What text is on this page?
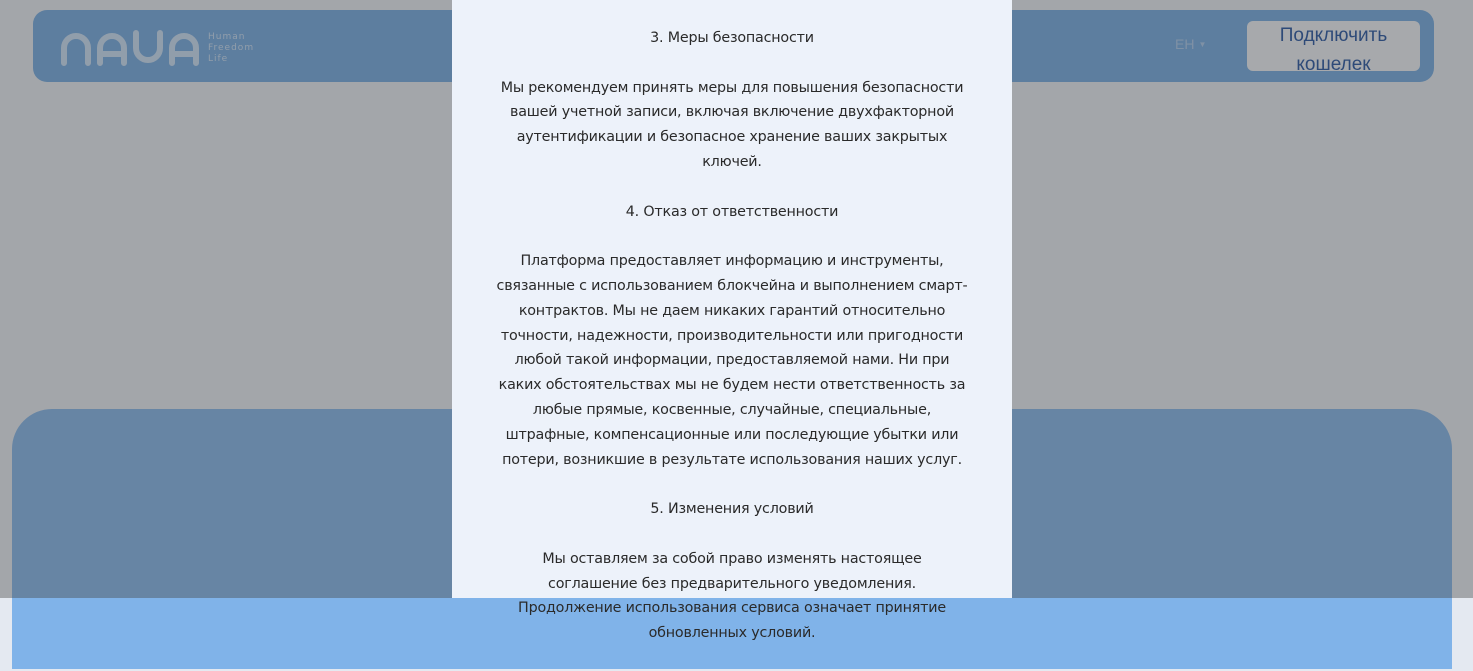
Human
Freedom
Life
EH ▼	Подключить кошелек

3. Меры безопасности

Мы рекомендуем принять меры для повышения безопасности вашей учетной записи, включая включение двухфакторной аутентификации и безопасное хранение ваших закрытых ключей.

4. Отказ от ответственности

Платформа предоставляет информацию и инструменты, связанные с использованием блокчейна и выполнением смарт-контрактов. Мы не даем никаких гарантий относительно точности, надежности, производительности или пригодности любой такой информации, предоставляемой нами. Ни при каких обстоятельствах мы не будем нести ответственность за любые прямые, косвенные, случайные, специальные, штрафные, компенсационные или последующие убытки или потери, возникшие в результате использования наших услуг.

5. Изменения условий

Мы оставляем за собой право изменять настоящее соглашение без предварительного уведомления. Продолжение использования сервиса означает принятие обновленных условий.
